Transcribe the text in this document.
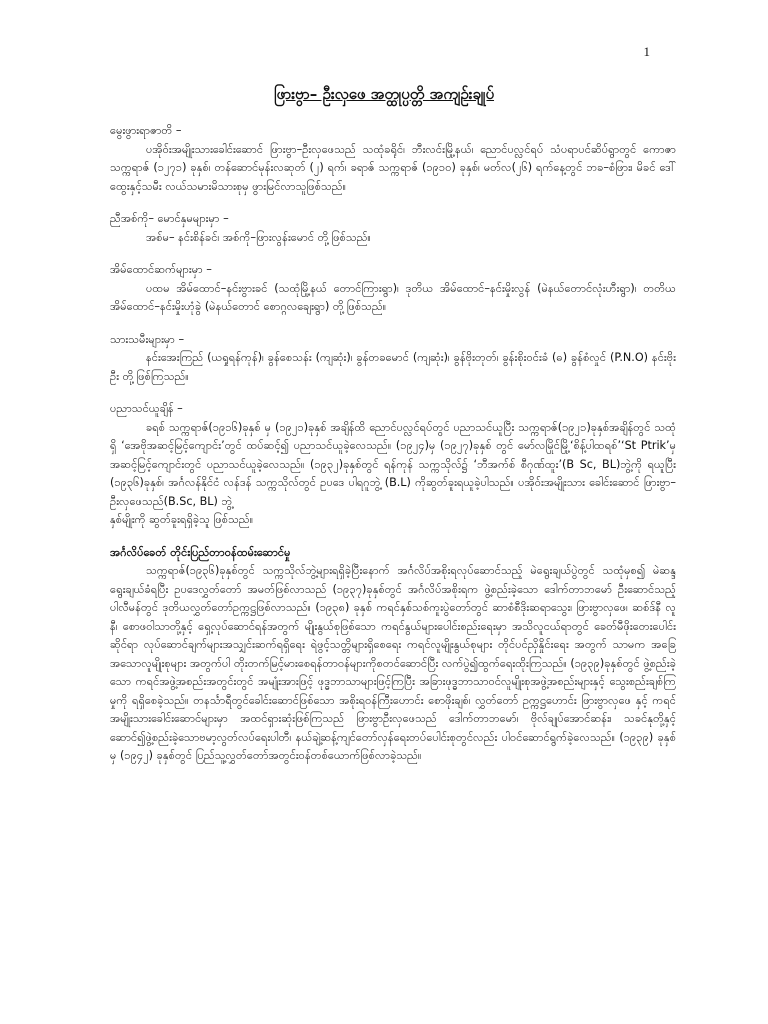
1
ဖြားဗွာ– ဦးလှဖေ အတ္ထုပ္ပတ္တိ အကျဉ်းချုပ်

မွေးဖွားရာဇာတိ –

ပအိုဝ်းအမျိုးသားခေါင်းဆောင် ဖြားဗွာ–ဦးလှဖေသည် သထုံခရိုင်၊ ဘီးလင်းမြို့နယ်၊ ညောင်ပလ္လင်ရပ် သံပရာပင်ဆိပ်ရွာတွင် ကောဇာ သက္ကရာဇ် (၁၂၇၁) ခုနှစ်၊ တန်ဆောင်မုန်းလဆုတ် (၂) ရက်၊ ခရာဇ် သက္ကရာဇ် (၁၉၁၀) ခုနှစ်၊ မတ်လ(၂၆) ရက်နေ့တွင် ဘခ–စံဖြား၊ မိခင် ဒေါ်ထွေးနှင့်သမီး လယ်သမားမိသားစုမှ ဖွားမြင်လာသူဖြစ်သည်။

ညီအစ်ကို– မောင်နှမများမှာ –

အစ်မ– နင်းစိန်ခင်၊ အစ်ကို–ဖြားလွန်းမောင် တို့ဖြစ်သည်။

အိမ်ထောင်ဆက်များမှာ –

ပထမ အိမ်ထောင်–နင်းဗွားခင် (သထုံမြို့နယ် တောင်ကြားရွာ)၊ ဒုတိယ အိမ်ထောင်–နင်းမှိုးလွန် (မဲနယ်တောင်လုံးဟီးရွာ)၊ တတိယ အိမ်ထောင်–နင်းမှိုးဟုံခွဲ (မဲနယ်တောင် စောဂ္ဂလချေးရွာ) တို့ဖြစ်သည်။

သားသမီးများမှာ –

နင်းအေးကြည် (ယရှုရန်ကုန်)၊ ခွန်စေသန်း (ကျဆုံး)၊ ခွန်တခမောင် (ကျဆုံး)၊ ခွန်ဗိုးတုတ်၊ ခွန်းစိုးဝင်းခံ (ဓ) ခွန်စံလှုင် (P.N.O) နင်းဗိုးဦး တို့ဖြစ်ကြသည်။

ပညာသင်ယူချိန် –

ခရစ် သက္ကရာဇ်(၁၉၁၆)ခုနှစ် မှ (၁၉၂၁)ခုနှစ် အချိန်ထိ ညောင်ပလ္လင်ရပ်တွင် ပညာသင်ယူပြီး သက္ကရာဇ်(၁၉၂၁)ခုနှစ်အချိန်တွင် သထုံရှိ ‘အေဗိုအဆင့်မြင့်ကျောင်း’တွင် ထပ်ဆင့်၍ ပညာသင်ယူခဲ့လေသည်။ (၁၉၂၄)မှ (၁၉၂၇)ခုနှစ် တွင် မော်လမြိုင်မြို့‘စိန့်ပါထရစ်’‘St Ptrik’မှ အဆင့်မြင့်ကျောင်းတွင် ပညာသင်ယူခဲ့လေသည်။ (၁၉၃၂)ခုနှစ်တွင် ရန်ကုန် သက္ကသိုလ်၌ ‘ဘီအက်စ် စီဂုဏ်ထူး’(B Sc, BL)ဘွဲ့ကို ရယူပြီး (၁၉၃၆)ခုနှစ်၊ အင်္ဂလန်နိုင်ငံ လန်ဒန် သက္ကသိုလ်တွင် ဥပဒေ ပါရဂူဘွဲ့ (B.L) ကိုဆွတ်ခူးရယူခဲ့ပါသည်။ ပအိုဝ်းအမျိုးသား ခေါင်းဆောင် ဖြားဗွာ–ဦးလှဖေသည်(B.Sc, BL) ဘွဲ့

နှစ်မျိုးကို ဆွတ်ခူးရရှိခဲ့သူ ဖြစ်သည်။

အင်္ဂလိပ်ခေတ် တိုင်းပြည်တာဝန်ထမ်းဆောင်မှု

သက္ကရာဇ်(၁၉၃၆)ခုနှစ်တွင် သက္ကသိုလ်ဘွဲ့များရရှိခဲ့ပြီးနောက် အင်္ဂလိပ်အစိုးရလုပ်ဆောင်သည့် မဲရွေးချယ်ပွဲတွင် သထုံမှစ၍ မဲဆန္ဒရွေးချယ်ခံရပြီး ဥပဒေလွှတ်တော် အမတ်ဖြစ်လာသည် (၁၉၃၇)ခုနှစ်တွင် အင်္ဂလိပ်အစိုးရက ဖွဲ့စည်းခဲ့သော ဒေါက်တာဘမော် ဦးဆောင်သည့် ပါလီမန်တွင် ဒုတိယလွှတ်တော်ဥက္ကဋ္ဌဖြစ်လာသည်။ (၁၉၃၈) ခုနှစ် ကရင်နှစ်သစ်ကူးပွဲတော်တွင် ဆာစံစီဒိုးဆရာသွေး၊ ဖြားဗွာလှဖေ၊ ဆစ်ဒ်နီ လူနီ၊ စောဖဝါသာတို့နှင့် ရှေ့လုပ်ဆောင်ရန်အတွက် မျိုးနွယ်စုဖြစ်သော ကရင်နွယ်များပေါင်းစည်းရေးမှာ အသိလူငယ်ရာတွင် ခေတ်မီဖိုးတေးပေါင်းဆိုင်ရာ လုပ်ဆောင်ချက်များအသျှင်းဆက်ရရှိရေး ရဲဖွင့်သတ္တိများရှိစေရေး ကရင်လူမျိုးနွယ်စုများ တိုင်ပင်ညှိနှိုင်းရေး အတွက် သာမက အခြေအသောလူမျိုးစုများ အတွက်ပါ တိုးတက်မြင့်မားစေရန်တာဝန်များကိုစတင်ဆောင်ပြီး လက်ပွဲ၍ထွက်ရေးထိုးကြသည်။ (၁၉၃၉)ခုနှစ်တွင် ဖွဲ့စည်းခဲ့သော ကရင်အဖွဲ့အစည်းအတွင်းတွင် အမျုံးအားဖြင့် ဖုဒ္ဓဘာသာများဖြင့်ကြပြီး အခြားဖုဒ္ဓဘာသာဝင်လူမျိုးစုအဖွဲ့အစည်းများနှင့် သွေးစည်းချစ်ကြမှုကို ရရှိစေခဲ့သည်။ တနင်္သာရီတွင်ခေါင်းဆောင်ဖြစ်သော အစိုးရဝန်ကြီးဟောင်း စောဖိုးချစ်၊ လွှတ်တော် ဥက္ကဋ္ဌဟောင်း ဖြားဗွာလှဖေ နှင့် ကရင်အမျိုးသားခေါင်းဆောင်များမှာ အထင်ရှားဆုံးဖြစ်ကြသည် ဖြားဗွာဦးလှဖေသည် ဒေါက်တာဘမော်၊ ဗိုလ်ချုပ်အောင်ဆန်း၊ သခင်နုတို့နှင့်ဆောင်၍ဖွဲ့စည်းခဲ့သောဗမာ့လွတ်လပ်ရေးပါတီ၊ နယ်ချဲ့ဆန့်ကျင်တော်လှန်ရေးတပ်ပေါင်းစုတွင်လည်း ပါဝင်ဆောင်ရွက်ခဲ့လေသည်။ (၁၉၃၉) ခုနှစ်မှ (၁၉၄၂) ခုနှစ်တွင် ပြည်သူ့လွှတ်တော်အတွင်းဝန်တစ်ယောက်ဖြစ်လာခဲ့သည်။
